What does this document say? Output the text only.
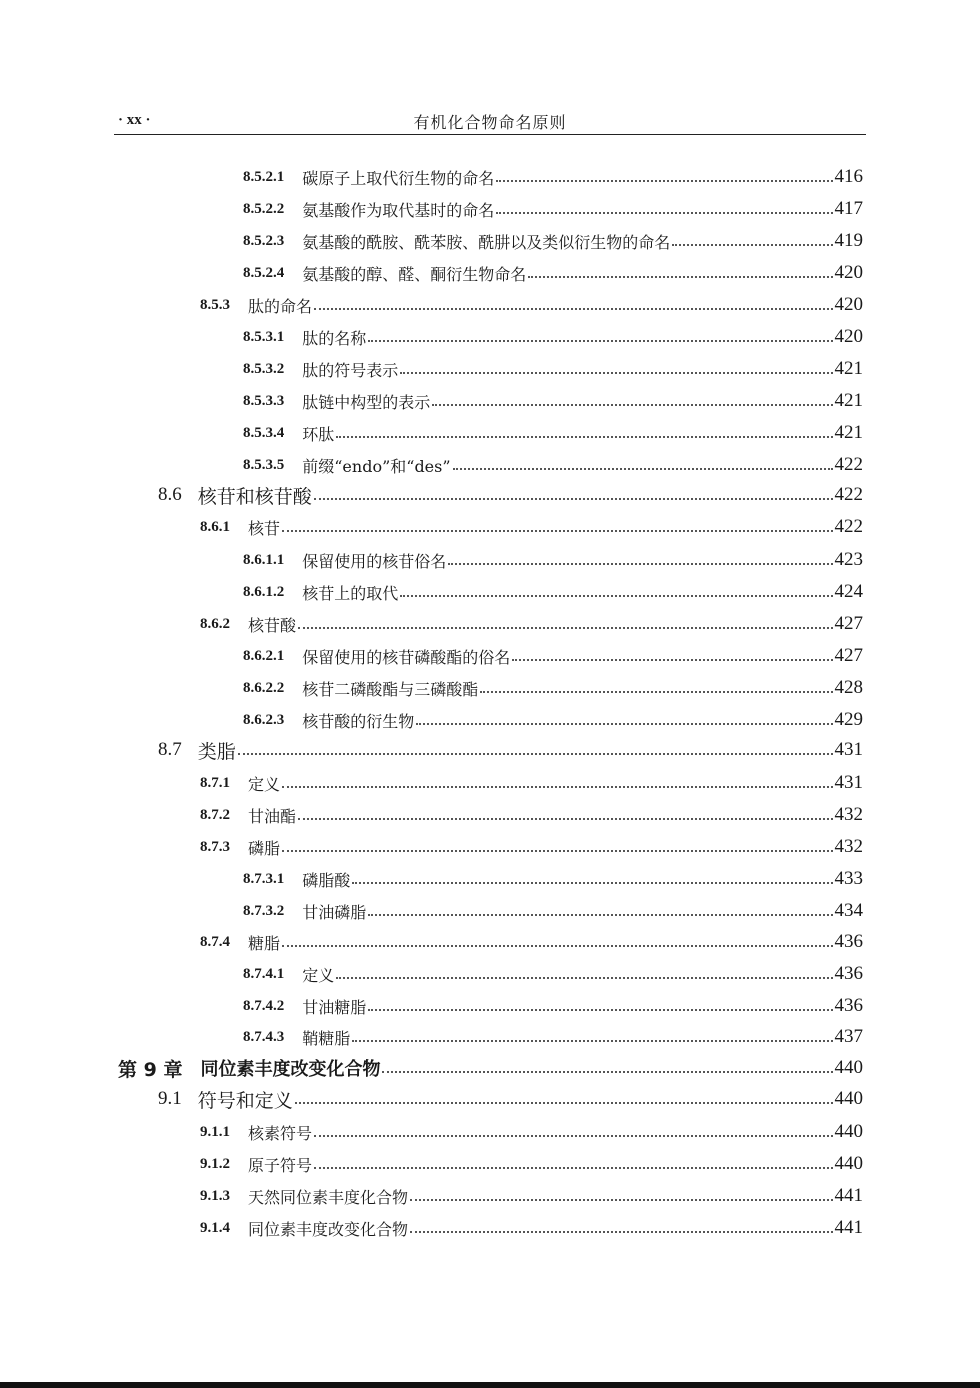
· xx ·	有机化合物命名原则
8.5.2.1 碳原子上取代衍生物的命名	416
8.5.2.2 氨基酸作为取代基时的命名	417
8.5.2.3 氨基酸的酰胺、酰苯胺、酰肼以及类似衍生物的命名	419
8.5.2.4 氨基酸的醇、醛、酮衍生物命名	420
8.5.3 肽的命名	420
8.5.3.1 肽的名称	420
8.5.3.2 肽的符号表示	421
8.5.3.3 肽链中构型的表示	421
8.5.3.4 环肽	421
8.5.3.5 前缀“endo”和“des”	422
8.6 核苷和核苷酸	422
8.6.1 核苷	422
8.6.1.1 保留使用的核苷俗名	423
8.6.1.2 核苷上的取代	424
8.6.2 核苷酸	427
8.6.2.1 保留使用的核苷磷酸酯的俗名	427
8.6.2.2 核苷二磷酸酯与三磷酸酯	428
8.6.2.3 核苷酸的衍生物	429
8.7 类脂	431
8.7.1 定义	431
8.7.2 甘油酯	432
8.7.3 磷脂	432
8.7.3.1 磷脂酸	433
8.7.3.2 甘油磷脂	434
8.7.4 糖脂	436
8.7.4.1 定义	436
8.7.4.2 甘油糖脂	436
8.7.4.3 鞘糖脂	437
第 9 章 同位素丰度改变化合物	440
9.1 符号和定义	440
9.1.1 核素符号	440
9.1.2 原子符号	440
9.1.3 天然同位素丰度化合物	441
9.1.4 同位素丰度改变化合物	441
